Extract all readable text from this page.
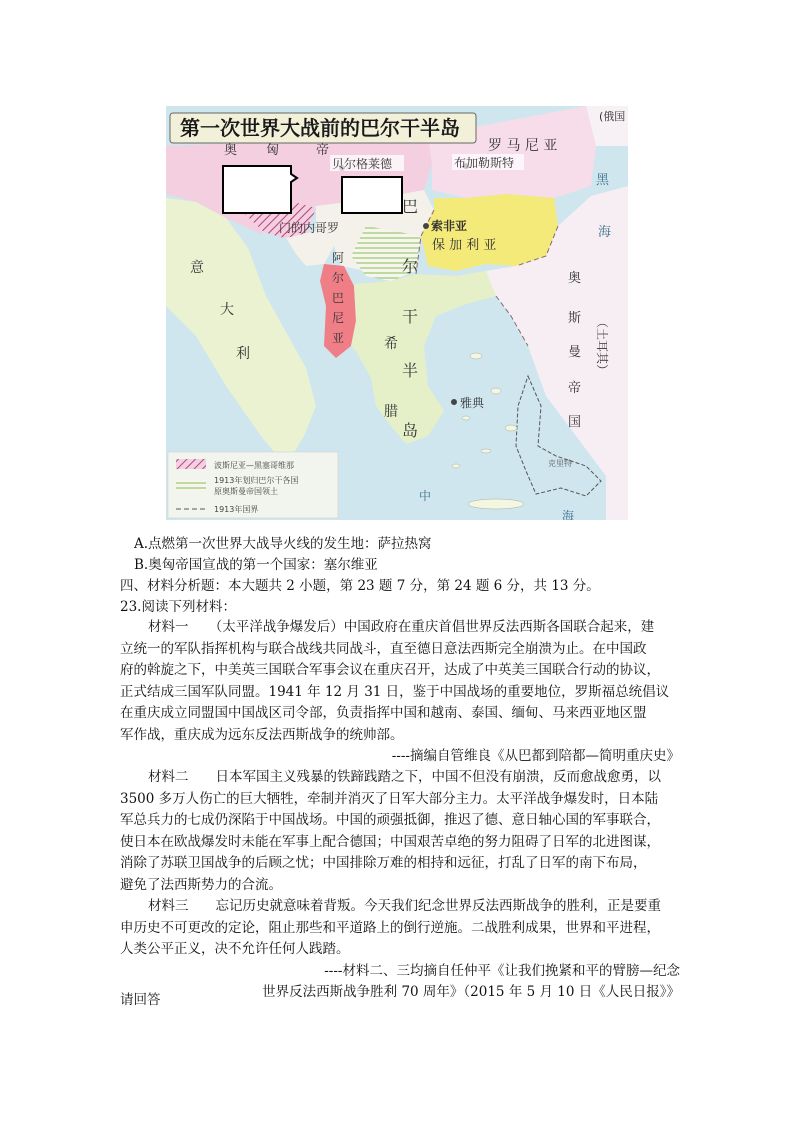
第一次世界大战前的巴尔干半岛
奥 匈	帝
(俄国
罗 马 尼 亚
布加勒斯特
贝尔格莱德
门的内哥罗	索非亚
保 加 利 亚
巴
尔
干
半
岛
阿
尔
巴
尼
亚	希
腊
雅典
意
大
利
黑
海
奥
斯
曼
帝
国
（土耳其）
中
海
克里特
波斯尼亚—黑塞哥维那
1913年划归巴尔干各国
原奥斯曼帝国领土
1913年国界
A.点燃第一次世界大战导火线的发生地：萨拉热窝
B.奥匈帝国宣战的第一个国家：塞尔维亚
四、材料分析题：本大题共 2 小题，第 23 题 7 分，第 24 题 6 分，共 13 分。
23.阅读下列材料：
材料一　　（太平洋战争爆发后）中国政府在重庆首倡世界反法西斯各国联合起来，建
立统一的军队指挥机构与联合战线共同战斗，直至德日意法西斯完全崩溃为止。在中国政
府的斡旋之下，中美英三国联合军事会议在重庆召开，达成了中英美三国联合行动的协议，
正式结成三国军队同盟。1941 年 12 月 31 日，鉴于中国战场的重要地位，罗斯福总统倡议
在重庆成立同盟国中国战区司令部，负责指挥中国和越南、泰国、缅甸、马来西亚地区盟
军作战，重庆成为远东反法西斯战争的统帅部。
----摘编自管维良《从巴都到陪都—简明重庆史》
材料二　　日本军国主义残暴的铁蹄践踏之下，中国不但没有崩溃，反而愈战愈勇，以
3500 多万人伤亡的巨大牺牲，牵制并消灭了日军大部分主力。太平洋战争爆发时，日本陆
军总兵力的七成仍深陷于中国战场。中国的顽强抵御，推迟了德、意日轴心国的军事联合，
使日本在欧战爆发时未能在军事上配合德国；中国艰苦卓绝的努力阻碍了日军的北进图谋，
消除了苏联卫国战争的后顾之忧；中国排除万难的相持和远征，打乱了日军的南下布局，
避免了法西斯势力的合流。
材料三　　忘记历史就意味着背叛。今天我们纪念世界反法西斯战争的胜利，正是要重
申历史不可更改的定论，阻止那些和平道路上的倒行逆施。二战胜利成果，世界和平进程，
人类公平正义，决不允许任何人践踏。
----材料二、三均摘自任仲平《让我们挽紧和平的臂膀—纪念
世界反法西斯战争胜利 70 周年》（2015 年 5 月 10 日《人民日报》》
请回答
